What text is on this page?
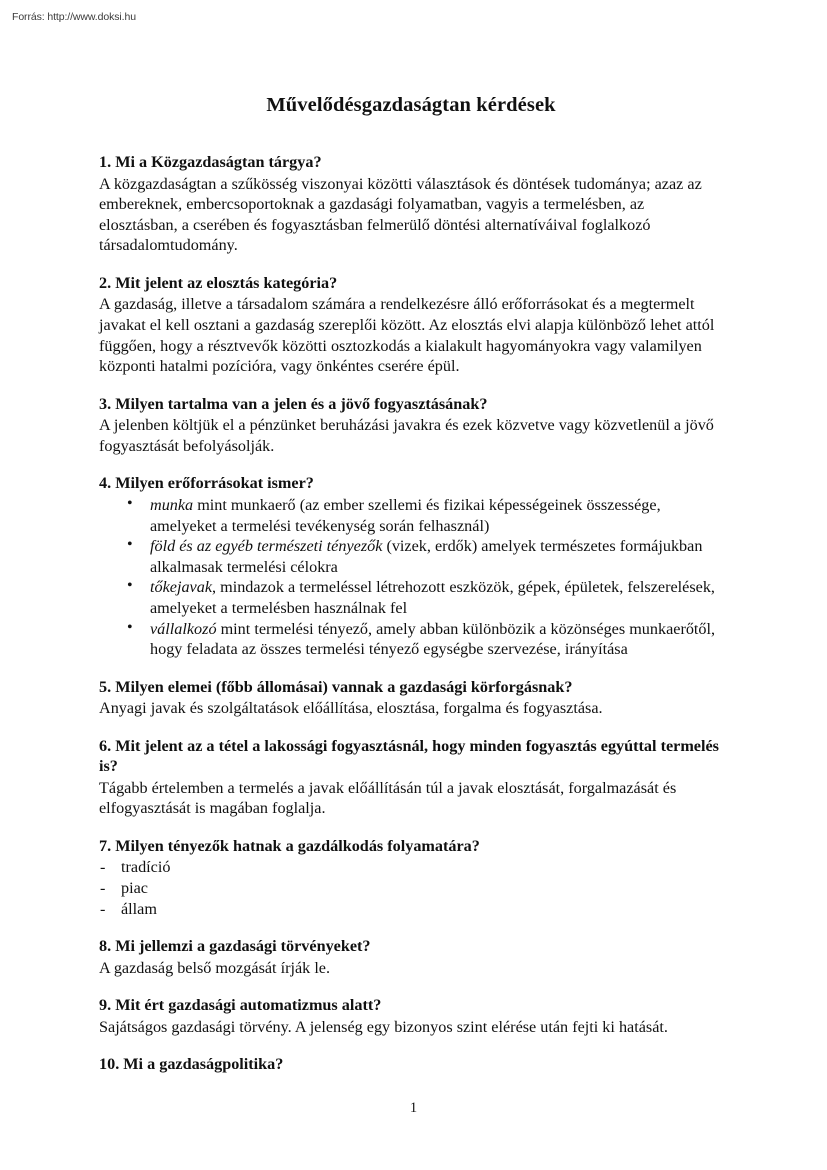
Forrás: http://www.doksi.hu
Művelődésgazdaságtan kérdések

1. Mi a Közgazdaságtan tárgya?

A közgazdaságtan a szűkösség viszonyai közötti választások és döntések tudománya; azaz az embereknek, embercsoportoknak a gazdasági folyamatban, vagyis a termelésben, az elosztásban, a cserében és fogyasztásban felmerülő döntési alternatíváival foglalkozó társadalomtudomány.

2. Mit jelent az elosztás kategória?

A gazdaság, illetve a társadalom számára a rendelkezésre álló erőforrásokat és a megtermelt javakat el kell osztani a gazdaság szereplői között. Az elosztás elvi alapja különböző lehet attól függően, hogy a résztvevők közötti osztozkodás a kialakult hagyományokra vagy valamilyen központi hatalmi pozícióra, vagy önkéntes cserére épül.

3. Milyen tartalma van a jelen és a jövő fogyasztásának?

A jelenben költjük el a pénzünket beruházási javakra és ezek közvetve vagy közvetlenül a jövő fogyasztását befolyásolják.

4. Milyen erőforrásokat ismer?

• munka mint munkaerő (az ember szellemi és fizikai képességeinek összessége, amelyeket a termelési tevékenység során felhasznál)
• föld és az egyéb természeti tényezők (vizek, erdők) amelyek természetes formájukban alkalmasak termelési célokra
• tőkejavak, mindazok a termeléssel létrehozott eszközök, gépek, épületek, felszerelések, amelyeket a termelésben használnak fel
• vállalkozó mint termelési tényező, amely abban különbözik a közönséges munkaerőtől, hogy feladata az összes termelési tényező egységbe szervezése, irányítása

5. Milyen elemei (főbb állomásai) vannak a gazdasági körforgásnak?

Anyagi javak és szolgáltatások előállítása, elosztása, forgalma és fogyasztása.

6. Mit jelent az a tétel a lakossági fogyasztásnál, hogy minden fogyasztás egyúttal termelés is?

Tágabb értelemben a termelés a javak előállításán túl a javak elosztását, forgalmazását és elfogyasztását is magában foglalja.

7. Milyen tényezők hatnak a gazdálkodás folyamatára?

- tradíció
- piac
- állam

8. Mi jellemzi a gazdasági törvényeket?

A gazdaság belső mozgását írják le.

9. Mit ért gazdasági automatizmus alatt?

Sajátságos gazdasági törvény. A jelenség egy bizonyos szint elérése után fejti ki hatását.

10. Mi a gazdaságpolitika?

1
